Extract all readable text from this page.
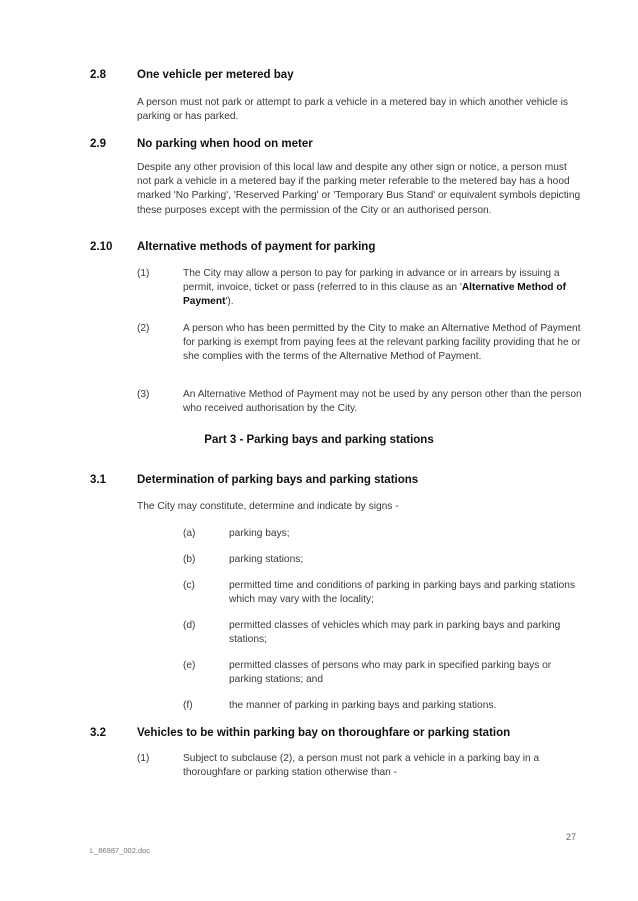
2.8	One vehicle per metered bay

A person must not park or attempt to park a vehicle in a metered bay in which another vehicle is parking or has parked.

2.9	No parking when hood on meter

Despite any other provision of this local law and despite any other sign or notice, a person must not park a vehicle in a metered bay if the parking meter referable to the metered bay has a hood marked 'No Parking', 'Reserved Parking' or 'Temporary Bus Stand' or equivalent symbols depicting these purposes except with the permission of the City or an authorised person.

2.10 Alternative methods of payment for parking
(1)	The City may allow a person to pay for parking in advance or in arrears by issuing a permit, invoice, ticket or pass (referred to in this clause as an 'Alternative Method of Payment').

(2)	A person who has been permitted by the City to make an Alternative Method of Payment for parking is exempt from paying fees at the relevant parking facility providing that he or she complies with the terms of the Alternative Method of Payment.

(3)	An Alternative Method of Payment may not be used by any person other than the person who received authorisation by the City.

Part 3 - Parking bays and parking stations
3.1	Determination of parking bays and parking stations

The City may constitute, determine and indicate by signs -

(a)	parking bays;

(b)	parking stations;

(c)	permitted time and conditions of parking in parking bays and parking stations which may vary with the locality;

(d)	permitted classes of vehicles which may park in parking bays and parking stations;

(e)	permitted classes of persons who may park in specified parking bays or parking stations; and

(f)	the manner of parking in parking bays and parking stations.

3.2	Vehicles to be within parking bay on thoroughfare or parking station
(1)	Subject to subclause (2), a person must not park a vehicle in a parking bay in a thoroughfare or parking station otherwise than -

27
L_86987_002.doc
